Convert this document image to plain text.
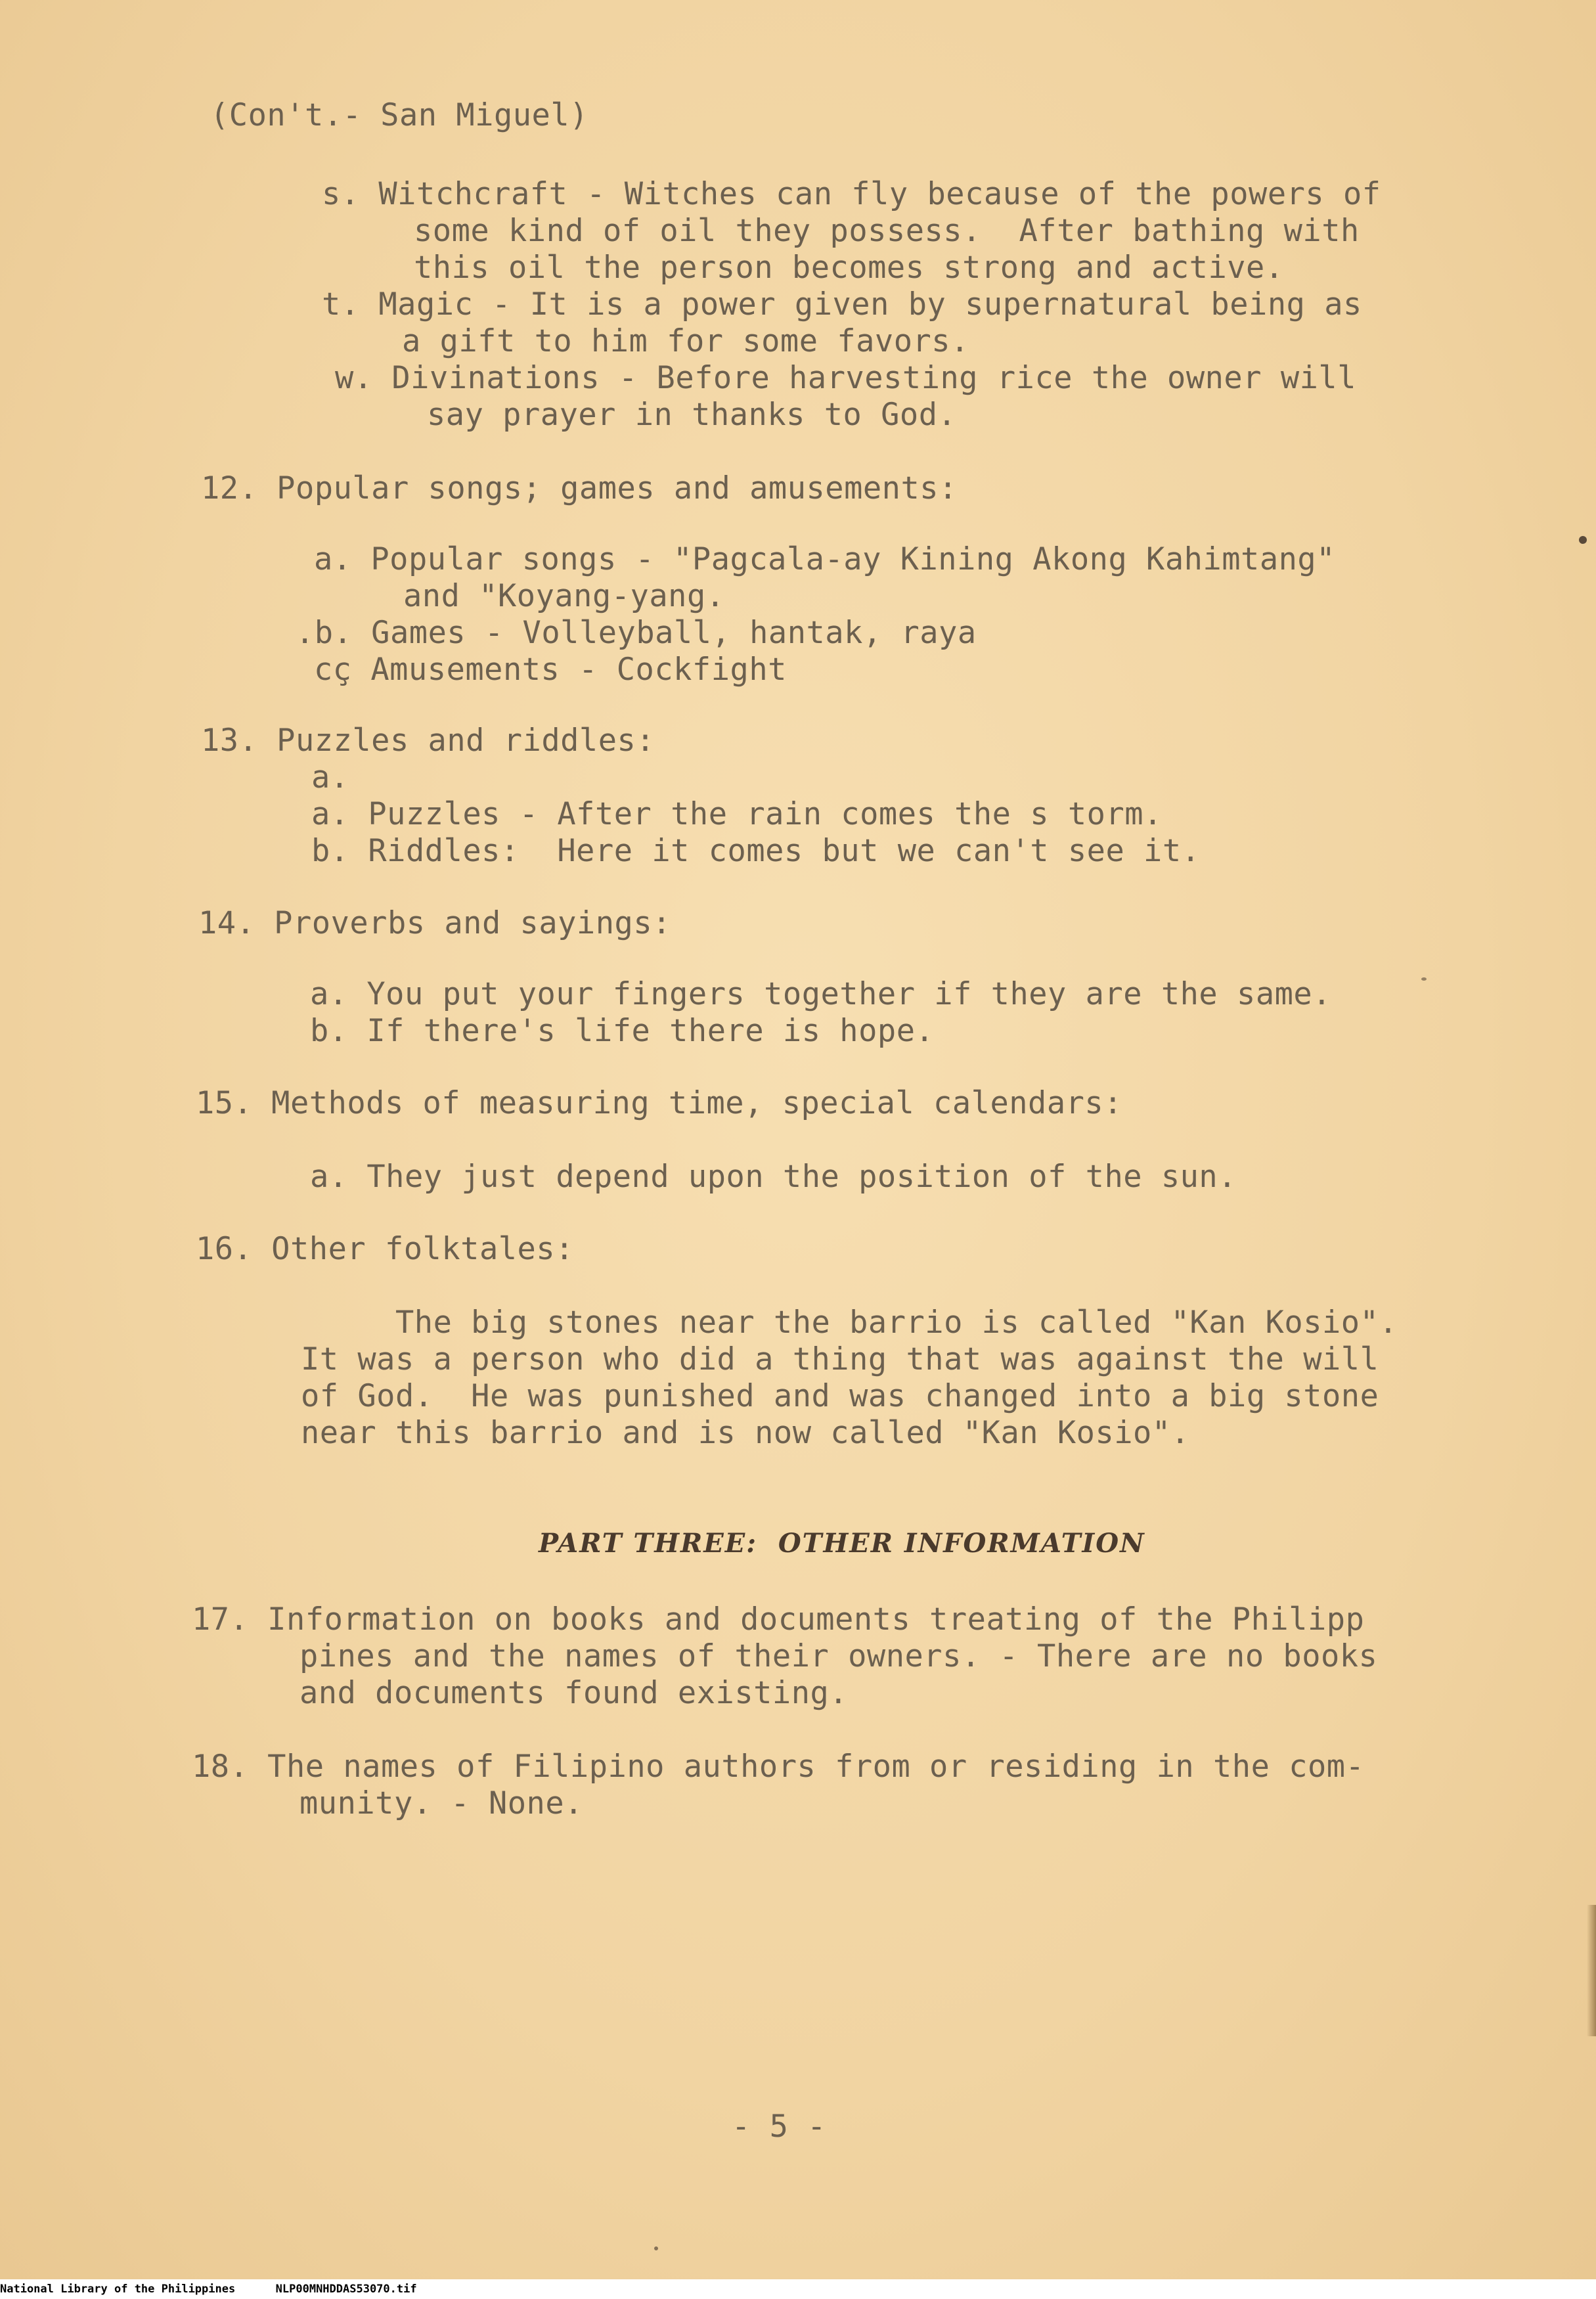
(Con't.- San Miguel)
s. Witchcraft - Witches can fly because of the powers of
some kind of oil they possess.  After bathing with
this oil the person becomes strong and active.
t. Magic - It is a power given by supernatural being as
a gift to him for some favors.
w. Divinations - Before harvesting rice the owner will
say prayer in thanks to God.
12. Popular songs; games and amusements:
a. Popular songs - "Pagcala-ay Kining Akong Kahimtang"
and "Koyang-yang.
.b. Games - Volleyball, hantak, raya
cç Amusements - Cockfight
13. Puzzles and riddles:
a.
a. Puzzles - After the rain comes the s torm.
b. Riddles:  Here it comes but we can't see it.
14. Proverbs and sayings:
a. You put your fingers together if they are the same.
b. If there's life there is hope.
15. Methods of measuring time, special calendars:
a. They just depend upon the position of the sun.
16. Other folktales:
The big stones near the barrio is called "Kan Kosio".
It was a person who did a thing that was against the will
of God.  He was punished and was changed into a big stone
near this barrio and is now called "Kan Kosio".
PART THREE:  OTHER INFORMATION
17. Information on books and documents treating of the Philipp
pines and the names of their owners. - There are no books
and documents found existing.
18. The names of Filipino authors from or residing in the com-
munity. - None.
- 5 -
National Library of the Philippines	NLP00MNHDDAS53070.tif
